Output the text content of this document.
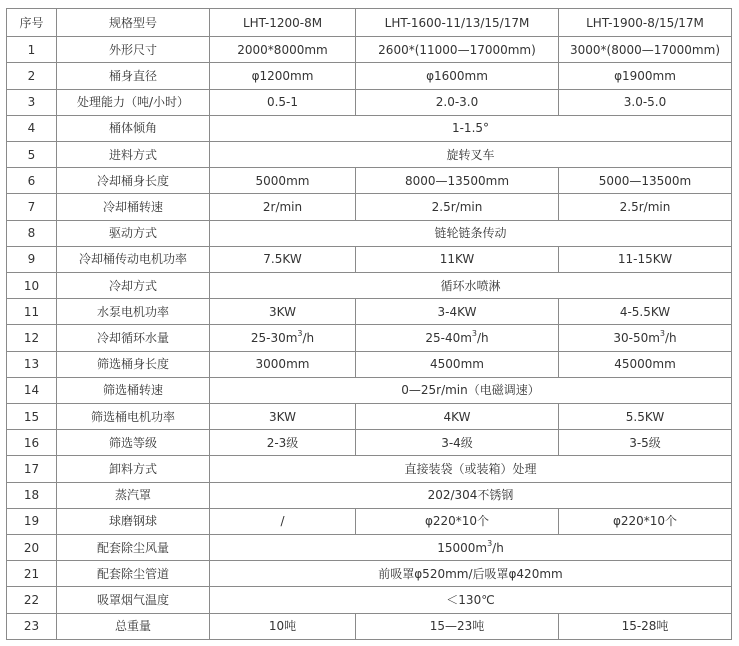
序号	规格型号	LHT-1200-8M	LHT-1600-11/13/15/17M	LHT-1900-8/15/17M
1	外形尺寸	2000*8000mm	2600*(11000—17000mm)	3000*(8000—17000mm)
2	桶身直径	φ1200mm	φ1600mm	φ1900mm
3	处理能力（吨/小时）	0.5-1	2.0-3.0	3.0-5.0
4	桶体倾角	1-1.5°		
5	进料方式	旋转叉车		
6	冷却桶身长度	5000mm	8000—13500mm	5000—13500m
7	冷却桶转速	2r/min	2.5r/min	2.5r/min
8	驱动方式	链轮链条传动		
9	冷却桶传动电机功率	7.5KW	11KW	11-15KW
10	冷却方式	循环水喷淋		
11	水泵电机功率	3KW	3-4KW	4-5.5KW
12	冷却循环水量	$25-30m^3/h$	$25-40m^3/h$	$30-50m^3/h$
13	筛选桶身长度	3000mm	4500mm	45000mm
14	筛选桶转速	0—25r/min（电磁调速）		
15	筛选桶电机功率	3KW	4KW	5.5KW
16	筛选等级	2-3级	3-4级	3-5级
17	卸料方式	直接装袋（或装箱）处理		
18	蒸汽罩	202/304不锈钢		
19	球磨钢球	/	φ220*10个	φ220*10个
20	配套除尘风量	$15000m^3/h$		
21	配套除尘管道	前吸罩φ520mm/后吸罩φ420mm		
22	吸罩烟气温度	＜130℃		
23	总重量	10吨	15—23吨	15-28吨
